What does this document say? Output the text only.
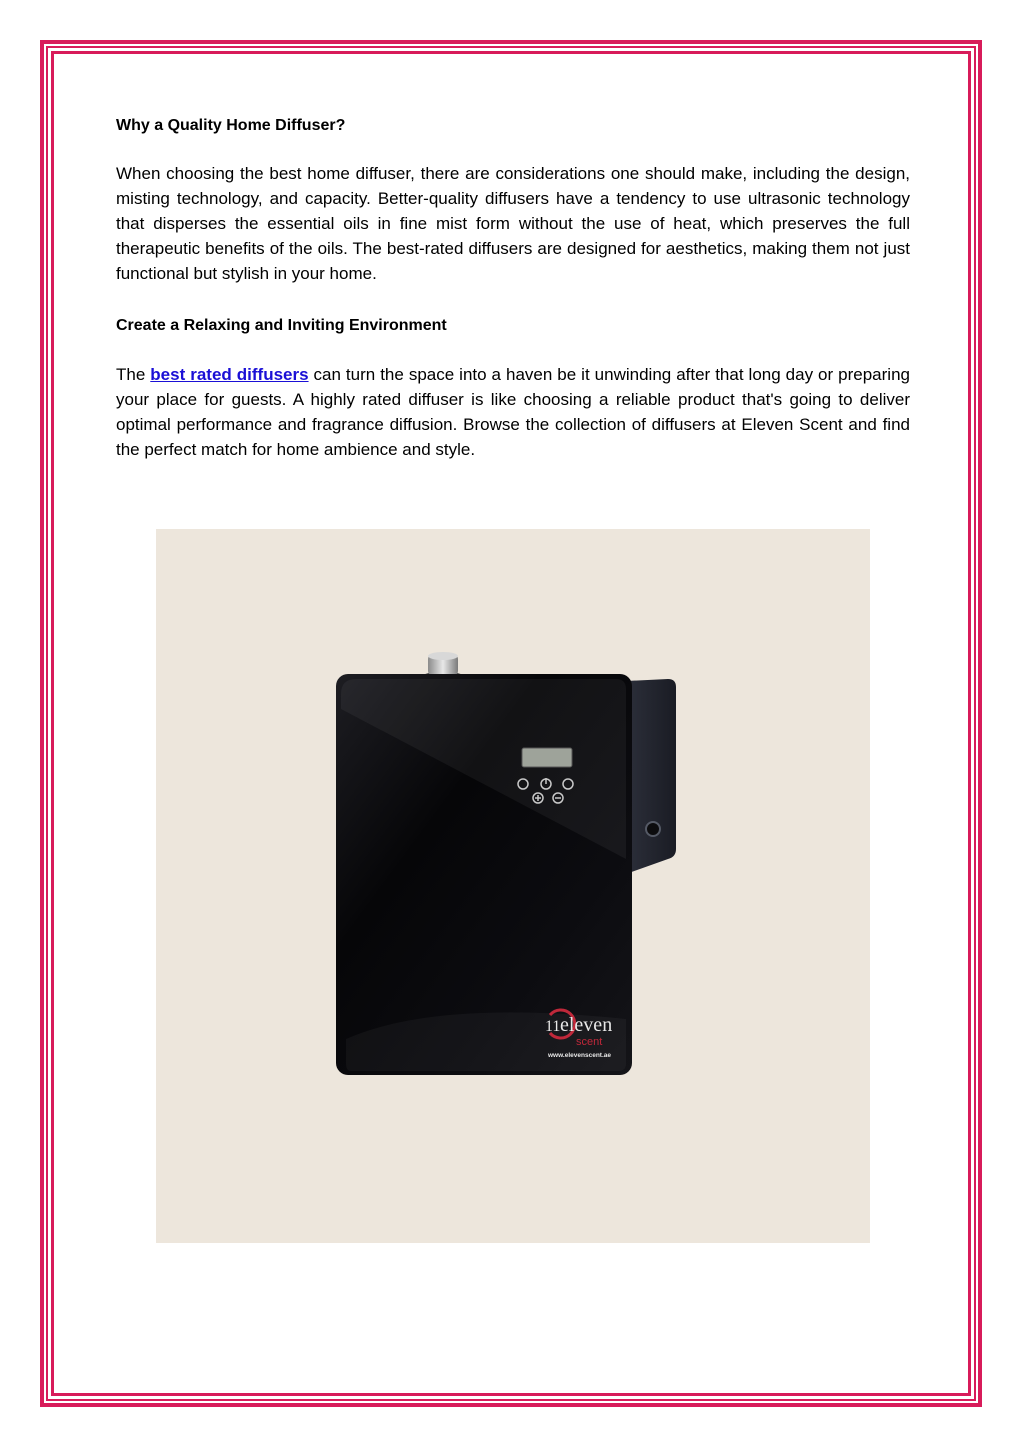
Why a Quality Home Diffuser?

When choosing the best home diffuser, there are considerations one should make, including the design, misting technology, and capacity. Better-quality diffusers have a tendency to use ultrasonic technology that disperses the essential oils in fine mist form without the use of heat, which preserves the full therapeutic benefits of the oils. The best-rated diffusers are designed for aesthetics, making them not just functional but stylish in your home.

Create a Relaxing and Inviting Environment

The best rated diffusers can turn the space into a haven be it unwinding after that long day or preparing your place for guests. A highly rated diffuser is like choosing a reliable product that's going to deliver optimal performance and fragrance diffusion. Browse the collection of diffusers at Eleven Scent and find the perfect match for home ambience and style.

11 eleven
scent
www.elevenscent.ae
